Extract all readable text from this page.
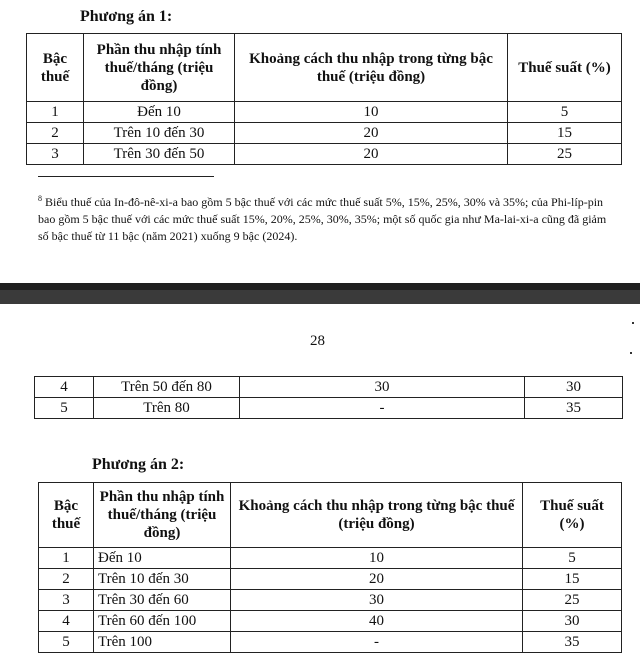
Phương án 1:
Bậc thuế	Phần thu nhập tính thuế/tháng (triệu đồng)	Khoảng cách thu nhập trong từng bậc thuế (triệu đồng)	Thuế suất (%)
1	Đến 10	10	5
2	Trên 10 đến 30	20	15
3	Trên 30 đến 50	20	25
$^8$ Biểu thuế của In-đô-nê-xi-a bao gồm 5 bậc thuế với các mức thuế suất 5%, 15%, 25%, 30% và 35%; của Phi-líp-pin bao gồm 5 bậc thuế với các mức thuế suất 15%, 20%, 25%, 30%, 35%; một số quốc gia như Ma-lai-xi-a cũng đã giảm số bậc thuế từ 11 bậc (năm 2021) xuống 9 bậc (2024).
28
4	Trên 50 đến 80	30	30
5	Trên 80	-	35
Phương án 2:
Bậc thuế	Phần thu nhập tính thuế/tháng (triệu đồng)	Khoảng cách thu nhập trong từng bậc thuế (triệu đồng)	Thuế suất (%)
1	Đến 10	10	5
2	Trên 10 đến 30	20	15
3	Trên 30 đến 60	30	25
4	Trên 60 đến 100	40	30
5	Trên 100	-	35
